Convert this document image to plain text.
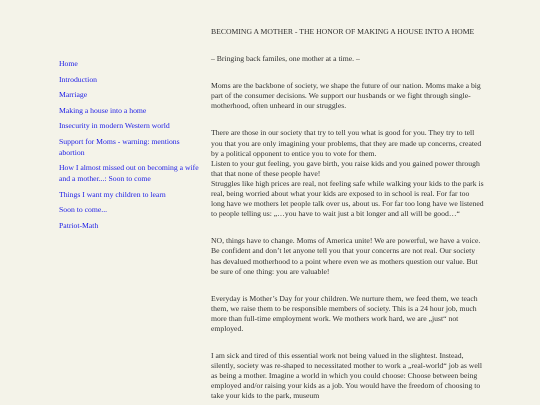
Home
Introduction
Marriage
Making a house into a home
Insecurity in modern Western world
Support for Moms - warning: mentions abortion
How I almost missed out on becoming a wife and a mother...: Soon to come
Things I want my children to learn
Soon to come...
Patriot-Math
BECOMING A MOTHER - THE HONOR OF MAKING A HOUSE INTO A HOME
– Bringing back familes, one mother at a time. –

Moms are the backbone of society, we shape the future of our nation. Moms make a big part of the consumer decisions. We support our husbands or we fight through single-motherhood, often unheard in our struggles.

There are those in our society that try to tell you what is good for you. They try to tell you that you are only imagining your problems, that they are made up concerns, created by a political opponent to entice you to vote for them.

Listen to your gut feeling, you gave birth, you raise kids and you gained power through that that none of these people have!

Struggles like high prices are real, not feeling safe while walking your kids to the park is real, being worried about what your kids are exposed to in school is real. For far too long have we mothers let people talk over us, about us. For far too long have we listened to people telling us: „…you have to wait just a bit longer and all will be good…“

NO, things have to change. Moms of America unite! We are powerful, we have a voice. Be confident and don’t let anyone tell you that your concerns are not real. Our society has devalued motherhood to a point where even we as mothers question our value. But be sure of one thing: you are valuable!

Everyday is Mother’s Day for your children. We nurture them, we feed them, we teach them, we raise them to be responsible members of society. This is a 24 hour job, much more than full-time employment work. We mothers work hard, we are „just“ not employed.

I am sick and tired of this essential work not being valued in the slightest. Instead, silently, society was re-shaped to necessitated mother to work a „real-world“ job as well as being a mother. Imagine a world in which you could choose: Choose between being employed and/or raising your kids as a job. You would have the freedom of choosing to take your kids to the park, museum
